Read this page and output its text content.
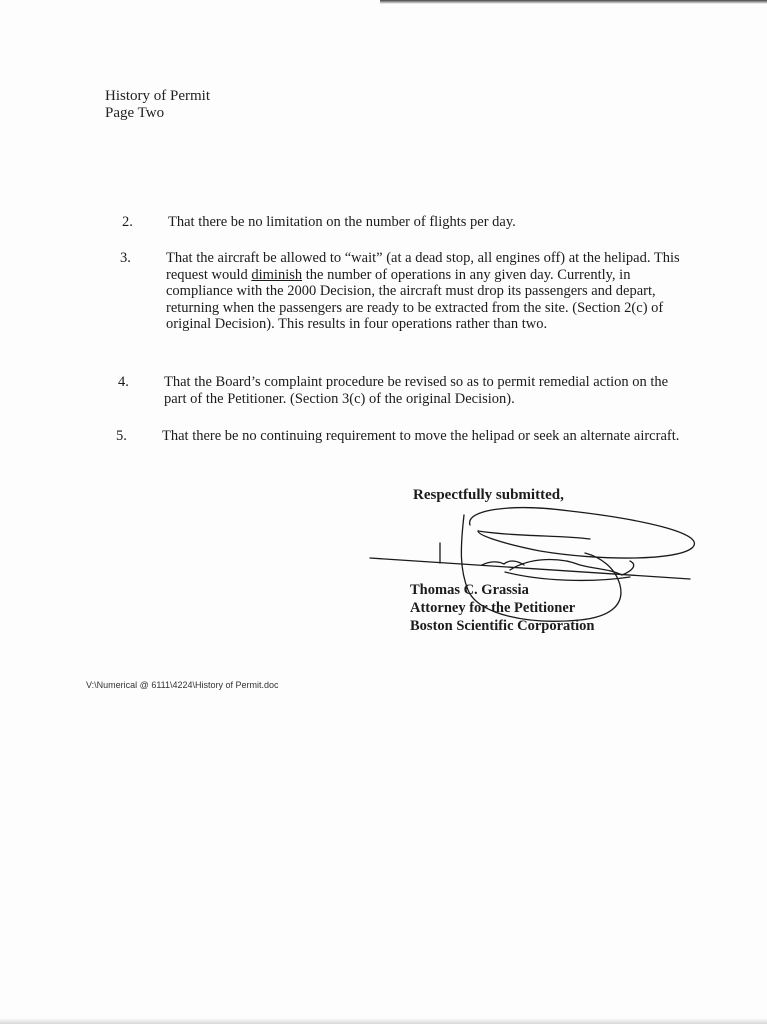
History of Permit
Page Two
2.	That there be no limitation on the number of flights per day.
3.	That the aircraft be allowed to “wait” (at a dead stop, all engines off) at the helipad. This request would diminish the number of operations in any given day. Currently, in compliance with the 2000 Decision, the aircraft must drop its passengers and depart, returning when the passengers are ready to be extracted from the site. (Section 2(c) of original Decision). This results in four operations rather than two.
4.	That the Board’s complaint procedure be revised so as to permit remedial action on the part of the Petitioner. (Section 3(c) of the original Decision).
5.	That there be no continuing requirement to move the helipad or seek an alternate aircraft.
Respectfully submitted,
Thomas C. Grassia
Attorney for the Petitioner
Boston Scientific Corporation
V:\Numerical @ 6111\4224\History of Permit.doc
